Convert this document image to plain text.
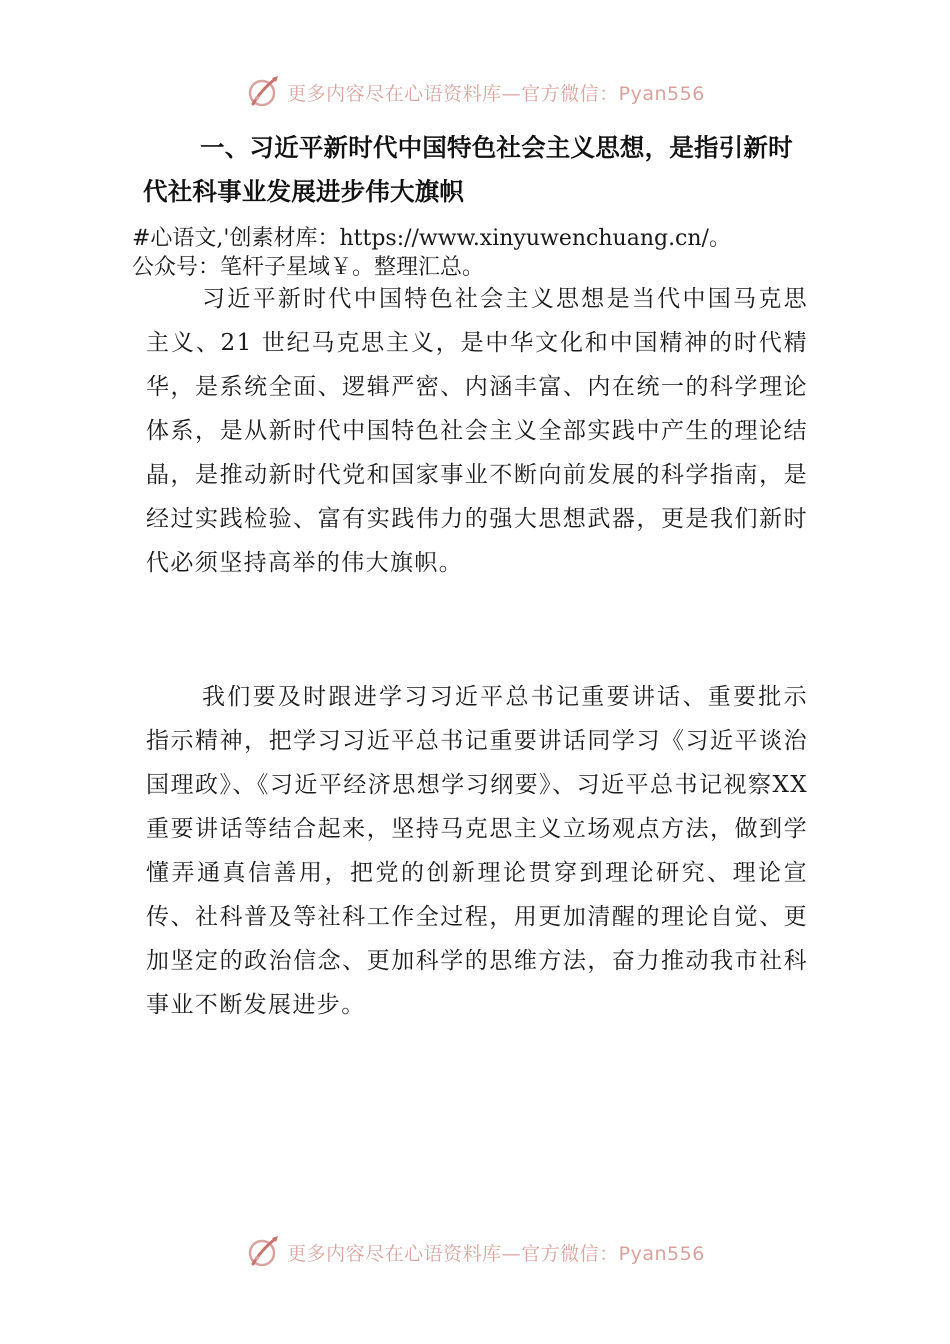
更多内容尽在心语资料库—官方微信：Pyan556
一、习近平新时代中国特色社会主义思想，是指引新时代社科事业发展进步伟大旗帜
#心语文,'创素材库：https://www.xinyuwenchuang.cn/。
公众号：笔杆子星域￥。整理汇总。

习近平新时代中国特色社会主义思想是当代中国马克思主义、21 世纪马克思主义，是中华文化和中国精神的时代精华，是系统全面、逻辑严密、内涵丰富、内在统一的科学理论体系，是从新时代中国特色社会主义全部实践中产生的理论结晶，是推动新时代党和国家事业不断向前发展的科学指南，是经过实践检验、富有实践伟力的强大思想武器，更是我们新时代必须坚持高举的伟大旗帜。

我们要及时跟进学习习近平总书记重要讲话、重要批示指示精神，把学习习近平总书记重要讲话同学习《习近平谈治国理政》、《习近平经济思想学习纲要》、习近平总书记视察XX 重要讲话等结合起来，坚持马克思主义立场观点方法，做到学懂弄通真信善用，把党的创新理论贯穿到理论研究、理论宣传、社科普及等社科工作全过程，用更加清醒的理论自觉、更加坚定的政治信念、更加科学的思维方法，奋力推动我市社科事业不断发展进步。

更多内容尽在心语资料库—官方微信：Pyan556
